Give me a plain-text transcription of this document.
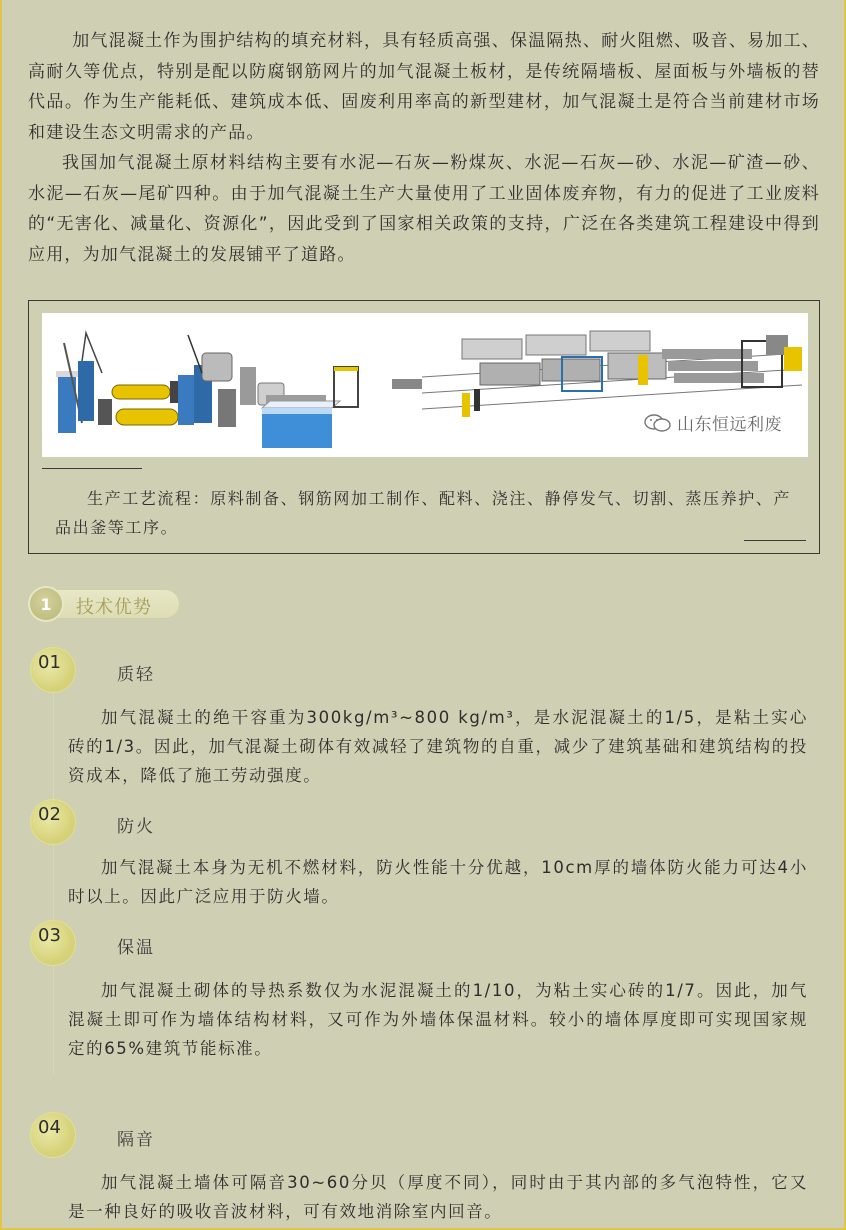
加气混凝土作为围护结构的填充材料，具有轻质高强、保温隔热、耐火阻燃、吸音、易加工、高耐久等优点，特别是配以防腐钢筋网片的加气混凝土板材，是传统隔墙板、屋面板与外墙板的替代品。作为生产能耗低、建筑成本低、固废利用率高的新型建材，加气混凝土是符合当前建材市场和建设生态文明需求的产品。

我国加气混凝土原材料结构主要有水泥—石灰—粉煤灰、水泥—石灰—砂、水泥—矿渣—砂、水泥—石灰—尾矿四种。由于加气混凝土生产大量使用了工业固体废弃物，有力的促进了工业废料的“无害化、减量化、资源化”，因此受到了国家相关政策的支持，广泛在各类建筑工程建设中得到应用，为加气混凝土的发展铺平了道路。

山东恒远利废

生产工艺流程：原料制备、钢筋网加工制作、配料、浇注、静停发气、切割、蒸压养护、产品出釜等工序。

1	技术优势
01
质轻

加气混凝土的绝干容重为300kg/m³~800 kg/m³，是水泥混凝土的1/5，是粘土实心砖的1/3。因此，加气混凝土砌体有效减轻了建筑物的自重，减少了建筑基础和建筑结构的投资成本，降低了施工劳动强度。

02
防火

加气混凝土本身为无机不燃材料，防火性能十分优越，10cm厚的墙体防火能力可达4小时以上。因此广泛应用于防火墙。

03
保温

加气混凝土砌体的导热系数仅为水泥混凝土的1/10，为粘土实心砖的1/7。因此，加气混凝土即可作为墙体结构材料，又可作为外墙体保温材料。较小的墙体厚度即可实现国家规定的65%建筑节能标准。

04
隔音

加气混凝土墙体可隔音30~60分贝（厚度不同），同时由于其内部的多气泡特性，它又是一种良好的吸收音波材料，可有效地消除室内回音。
